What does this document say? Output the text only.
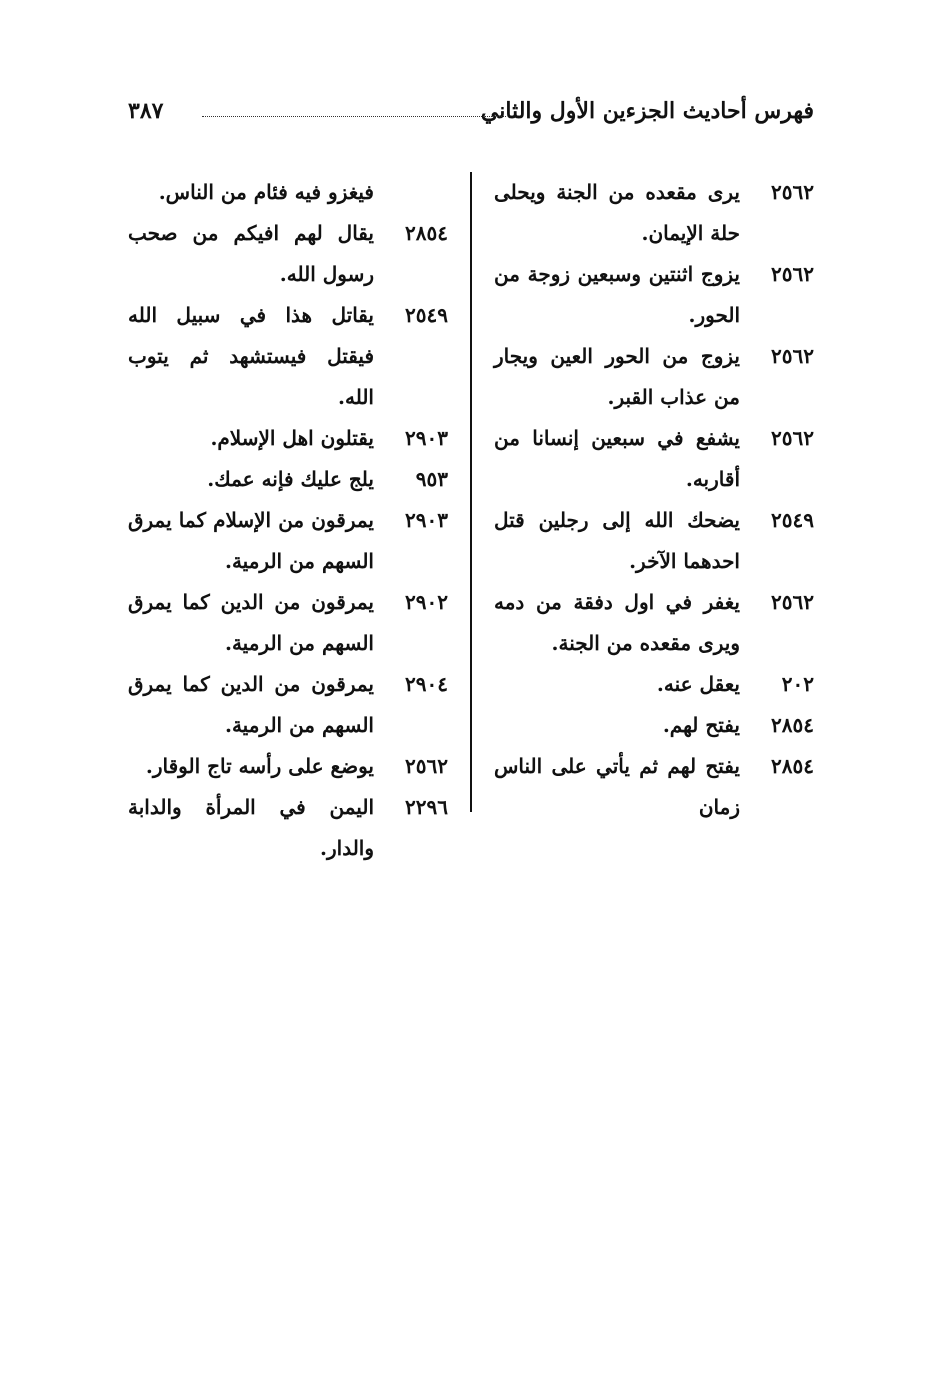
فهرس أحاديث الجزءين الأول والثاني
٣٨٧
٢٥٦٢
يرى مقعده من الجنة ويحلى حلة الإيمان.
٢٥٦٢
يزوج اثنتين وسبعين زوجة من الحور.
٢٥٦٢
يزوج من الحور العين ويجار من عذاب القبر.
٢٥٦٢
يشفع في سبعين إنسانا من أقاربه.
٢٥٤٩
يضحك الله إلى رجلين قتل احدهما الآخر.
٢٥٦٢
يغفر في اول دفقة من دمه ويرى مقعده من الجنة.
٢٠٢
يعقل عنه.
٢٨٥٤
يفتح لهم.
٢٨٥٤
يفتح لهم ثم يأتي على الناس زمان
فيغزو فيه فئام من الناس.
٢٨٥٤
يقال لهم افيكم من صحب رسول الله.
٢٥٤٩
يقاتل هذا في سبيل الله فيقتل فيستشهد ثم يتوب الله.
٢٩٠٣
يقتلون اهل الإسلام.
٩٥٣
يلج عليك فإنه عمك.
٢٩٠٣
يمرقون من الإسلام كما يمرق السهم من الرمية.
٢٩٠٢
يمرقون من الدين كما يمرق السهم من الرمية.
٢٩٠٤
يمرقون من الدين كما يمرق السهم من الرمية.
٢٥٦٢
يوضع على رأسه تاج الوقار.
٢٢٩٦
اليمن في المرأة والدابة والدار.
